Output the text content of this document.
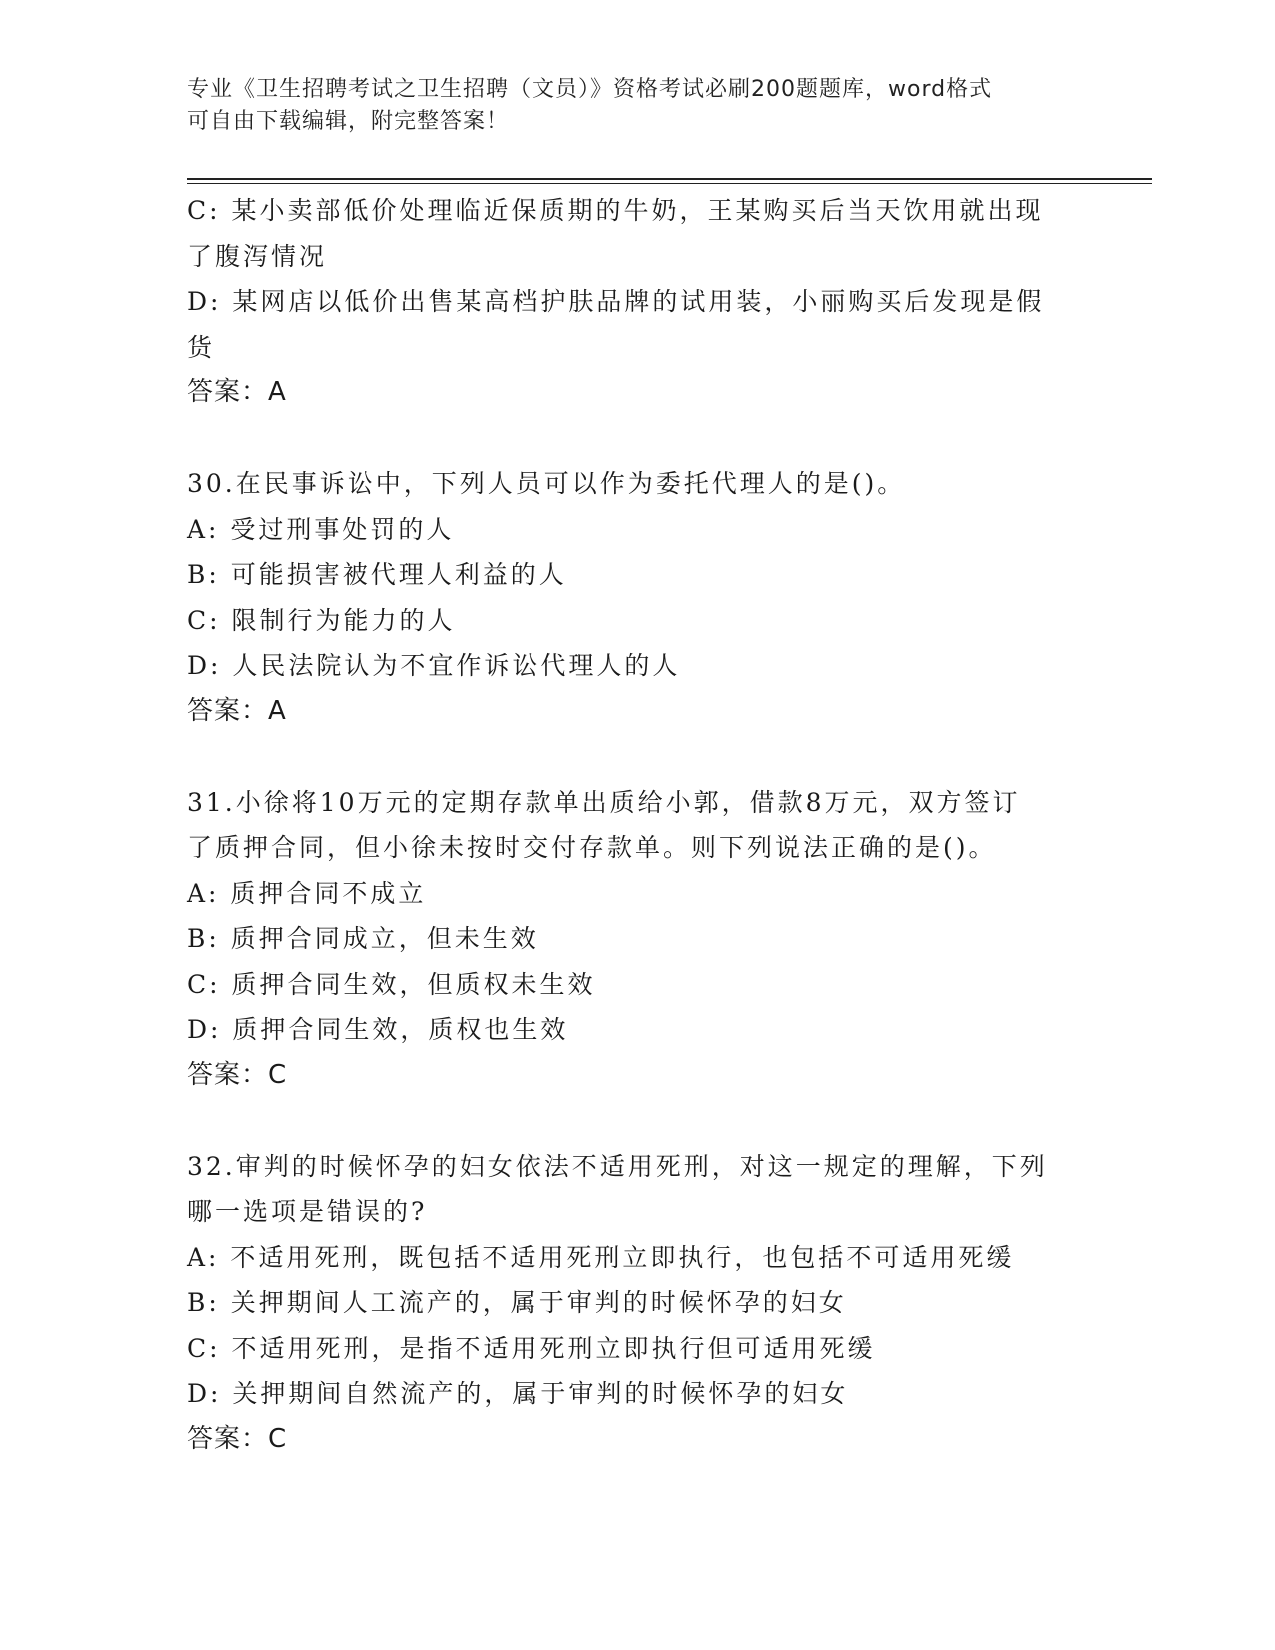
专业《卫生招聘考试之卫生招聘（文员）》资格考试必刷200题题库，word格式
可自由下载编辑，附完整答案！
C: 某小卖部低价处理临近保质期的牛奶，王某购买后当天饮用就出现
了腹泻情况
D: 某网店以低价出售某高档护肤品牌的试用装，小丽购买后发现是假
货
答案：A
30.在民事诉讼中，下列人员可以作为委托代理人的是()。
A: 受过刑事处罚的人
B: 可能损害被代理人利益的人
C: 限制行为能力的人
D: 人民法院认为不宜作诉讼代理人的人
答案：A
31.小徐将10万元的定期存款单出质给小郭，借款8万元，双方签订
了质押合同，但小徐未按时交付存款单。则下列说法正确的是()。
A: 质押合同不成立
B: 质押合同成立，但未生效
C: 质押合同生效，但质权未生效
D: 质押合同生效，质权也生效
答案：C
32.审判的时候怀孕的妇女依法不适用死刑，对这一规定的理解，下列
哪一选项是错误的?
A: 不适用死刑，既包括不适用死刑立即执行，也包括不可适用死缓
B: 关押期间人工流产的，属于审判的时候怀孕的妇女
C: 不适用死刑，是指不适用死刑立即执行但可适用死缓
D: 关押期间自然流产的，属于审判的时候怀孕的妇女
答案：C
